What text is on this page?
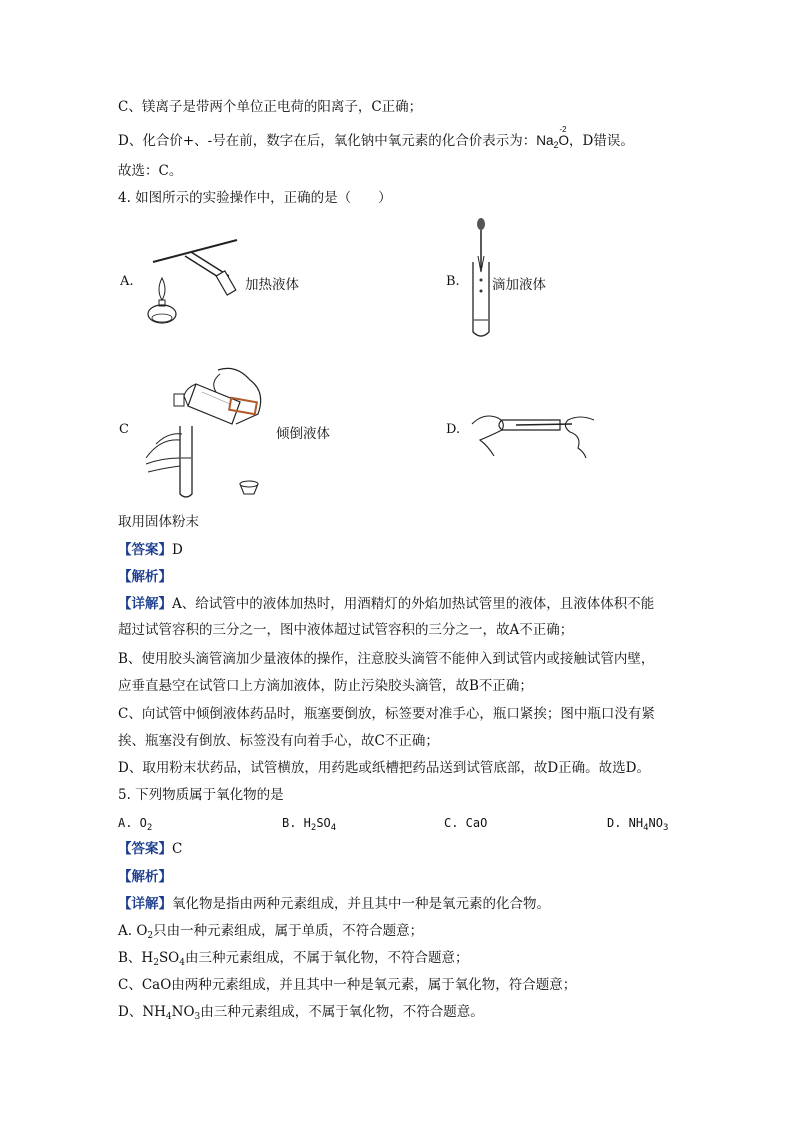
C、镁离子是带两个单位正电荷的阳离子，C正确；
D、化合价+、-号在前，数字在后，氧化钠中氧元素的化合价表示为：$Na_2$
-2
O，D错误。
故选：C。
4. 如图所示的实验操作中，正确的是（　　）
A.	加热液体	B. 滴加液体
C	倾倒液体	D.
取用固体粉末
【答案】D
【解析】
【详解】A、给试管中的液体加热时，用酒精灯的外焰加热试管里的液体，且液体体积不能
超过试管容积的三分之一，图中液体超过试管容积的三分之一，故A不正确；
B、使用胶头滴管滴加少量液体的操作，注意胶头滴管不能伸入到试管内或接触试管内壁，
应垂直悬空在试管口上方滴加液体，防止污染胶头滴管，故B不正确；
C、向试管中倾倒液体药品时，瓶塞要倒放，标签要对准手心，瓶口紧挨；图中瓶口没有紧
挨、瓶塞没有倒放、标签没有向着手心，故C不正确；
D、取用粉末状药品，试管横放，用药匙或纸槽把药品送到试管底部，故D正确。故选D。
5. 下列物质属于氧化物的是
A. $O_2$	B. $H_2SO_4$	C. CaO	D. $NH_4NO_3$
【答案】C
【解析】
【详解】氧化物是指由两种元素组成，并且其中一种是氧元素的化合物。
A. $O_2$只由一种元素组成，属于单质，不符合题意；
B、$H_2SO_4$由三种元素组成，不属于氧化物，不符合题意；
C、CaO由两种元素组成，并且其中一种是氧元素，属于氧化物，符合题意；
D、$NH_4NO_3$由三种元素组成，不属于氧化物，不符合题意。
